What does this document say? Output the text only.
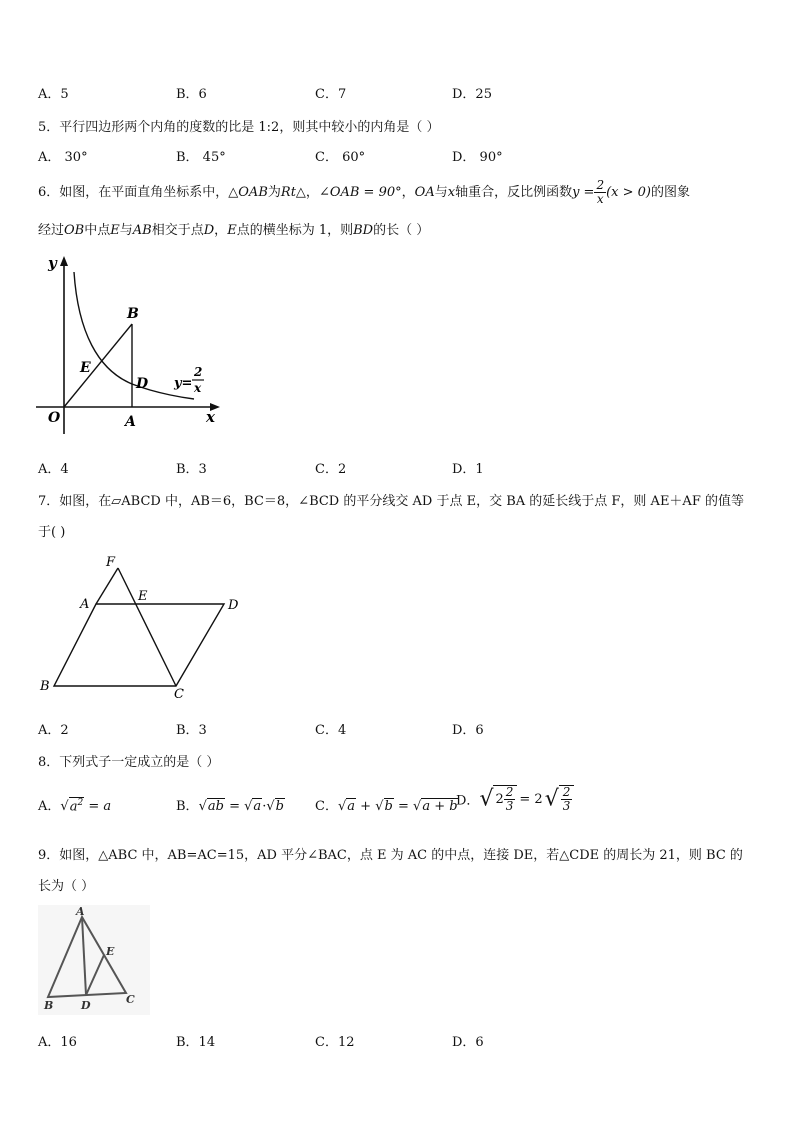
A．5	B．6	C．7	D．25
5．平行四边形两个内角的度数的比是 1:2，则其中较小的内角是（ ）
A． 30°	B． 45°	C． 60°	D． 90°
6．如图，在平面直角坐标系中，△OAB为Rt△，∠OAB = 90°，OA与x轴重合，反比例函数$y = \frac{2}{x} (x > 0)$的图象
经过OB中点E与AB相交于点D，E点的横坐标为 1，则BD的长（ ）
y
x
O	A
B
E
D y=
2
x
A．4	B．3	C．2	D．1
7．如图，在▱ABCD 中，AB＝6，BC＝8，∠BCD 的平分线交 AD 于点 E，交 BA 的延长线于点 F，则 AE＋AF 的值等
于( )
F
A
E
D
B
C
A．2	B．3	C．4	D．6
8．下列式子一定成立的是（ ）
A．$√a^2 = a$	B．√ab = √a·√b C．√a + √b = √a + b
D．√ $2 \frac{2}{3} = 2√ \frac{2}{3}$
9．如图，△ABC 中，AB=AC=15，AD 平分∠BAC，点 E 为 AC 的中点，连接 DE，若△CDE 的周长为 21，则 BC 的
长为（ ）
A
E
B	D	C
A．16	B．14	C．12	D．6
